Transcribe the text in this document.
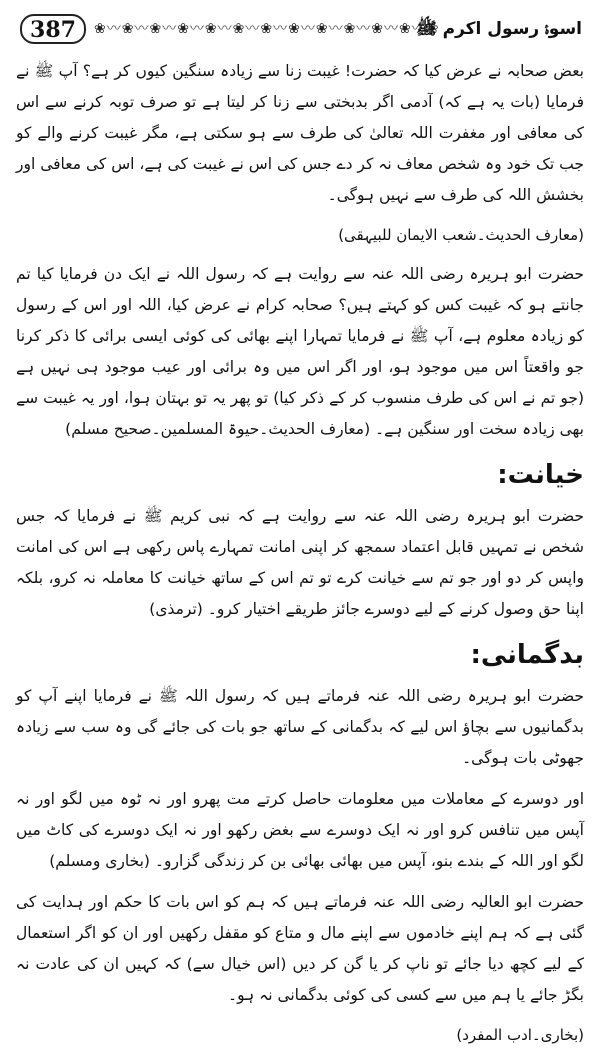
387	❀〰❀〰❀〰❀〰❀〰❀〰❀〰❀〰❀〰❀〰❀〰❀〰❀
اسوۂ رسول اکرم ﷺ

بعض صحابہ نے عرض کیا کہ حضرت! غیبت زنا سے زیادہ سنگین کیوں کر ہے؟ آپ ﷺ نے فرمایا (بات یہ ہے کہ) آدمی اگر بدبختی سے زنا کر لیتا ہے تو صرف توبہ کرنے سے اس کی معافی اور مغفرت اللہ تعالیٰ کی طرف سے ہو سکتی ہے، مگر غیبت کرنے والے کو جب تک خود وہ شخص معاف نہ کر دے جس کی اس نے غیبت کی ہے، اس کی معافی اور بخشش اللہ کی طرف سے نہیں ہوگی۔

(معارف الحدیث۔شعب الایمان للبیہقی)

حضرت ابو ہریرہ رضی اللہ عنہ سے روایت ہے کہ رسول اللہ نے ایک دن فرمایا کیا تم جانتے ہو کہ غیبت کس کو کہتے ہیں؟ صحابہ کرام نے عرض کیا، اللہ اور اس کے رسول کو زیادہ معلوم ہے، آپ ﷺ نے فرمایا تمہارا اپنے بھائی کی کوئی ایسی برائی کا ذکر کرنا جو واقعتاً اس میں موجود ہو، اور اگر اس میں وہ برائی اور عیب موجود ہی نہیں ہے (جو تم نے اس کی طرف منسوب کر کے ذکر کیا) تو پھر یہ تو بہتان ہوا، اور یہ غیبت سے بھی زیادہ سخت اور سنگین ہے۔ (معارف الحدیث۔حیوۃ المسلمین۔صحیح مسلم)

خیانت:

حضرت ابو ہریرہ رضی اللہ عنہ سے روایت ہے کہ نبی کریم ﷺ نے فرمایا کہ جس شخص نے تمہیں قابل اعتماد سمجھ کر اپنی امانت تمہارے پاس رکھی ہے اس کی امانت واپس کر دو اور جو تم سے خیانت کرے تو تم اس کے ساتھ خیانت کا معاملہ نہ کرو، بلکہ اپنا حق وصول کرنے کے لیے دوسرے جائز طریقے اختیار کرو۔ (ترمذی)

بدگمانی:

حضرت ابو ہریرہ رضی اللہ عنہ فرماتے ہیں کہ رسول اللہ ﷺ نے فرمایا اپنے آپ کو بدگمانیوں سے بچاؤ اس لیے کہ بدگمانی کے ساتھ جو بات کی جائے گی وہ سب سے زیادہ جھوٹی بات ہوگی۔

اور دوسرے کے معاملات میں معلومات حاصل کرتے مت پھرو اور نہ ٹوہ میں لگو اور نہ آپس میں تنافس کرو اور نہ ایک دوسرے سے بغض رکھو اور نہ ایک دوسرے کی کاٹ میں لگو اور اللہ کے بندے بنو، آپس میں بھائی بھائی بن کر زندگی گزارو۔ (بخاری ومسلم)

حضرت ابو العالیہ رضی اللہ عنہ فرماتے ہیں کہ ہم کو اس بات کا حکم اور ہدایت کی گئی ہے کہ ہم اپنے خادموں سے اپنے مال و متاع کو مقفل رکھیں اور ان کو اگر استعمال کے لیے کچھ دیا جائے تو ناپ کر یا گن کر دیں (اس خیال سے) کہ کہیں ان کی عادت نہ بگڑ جائے یا ہم میں سے کسی کی کوئی بدگمانی نہ ہو۔

(بخاری۔ادب المفرد)
